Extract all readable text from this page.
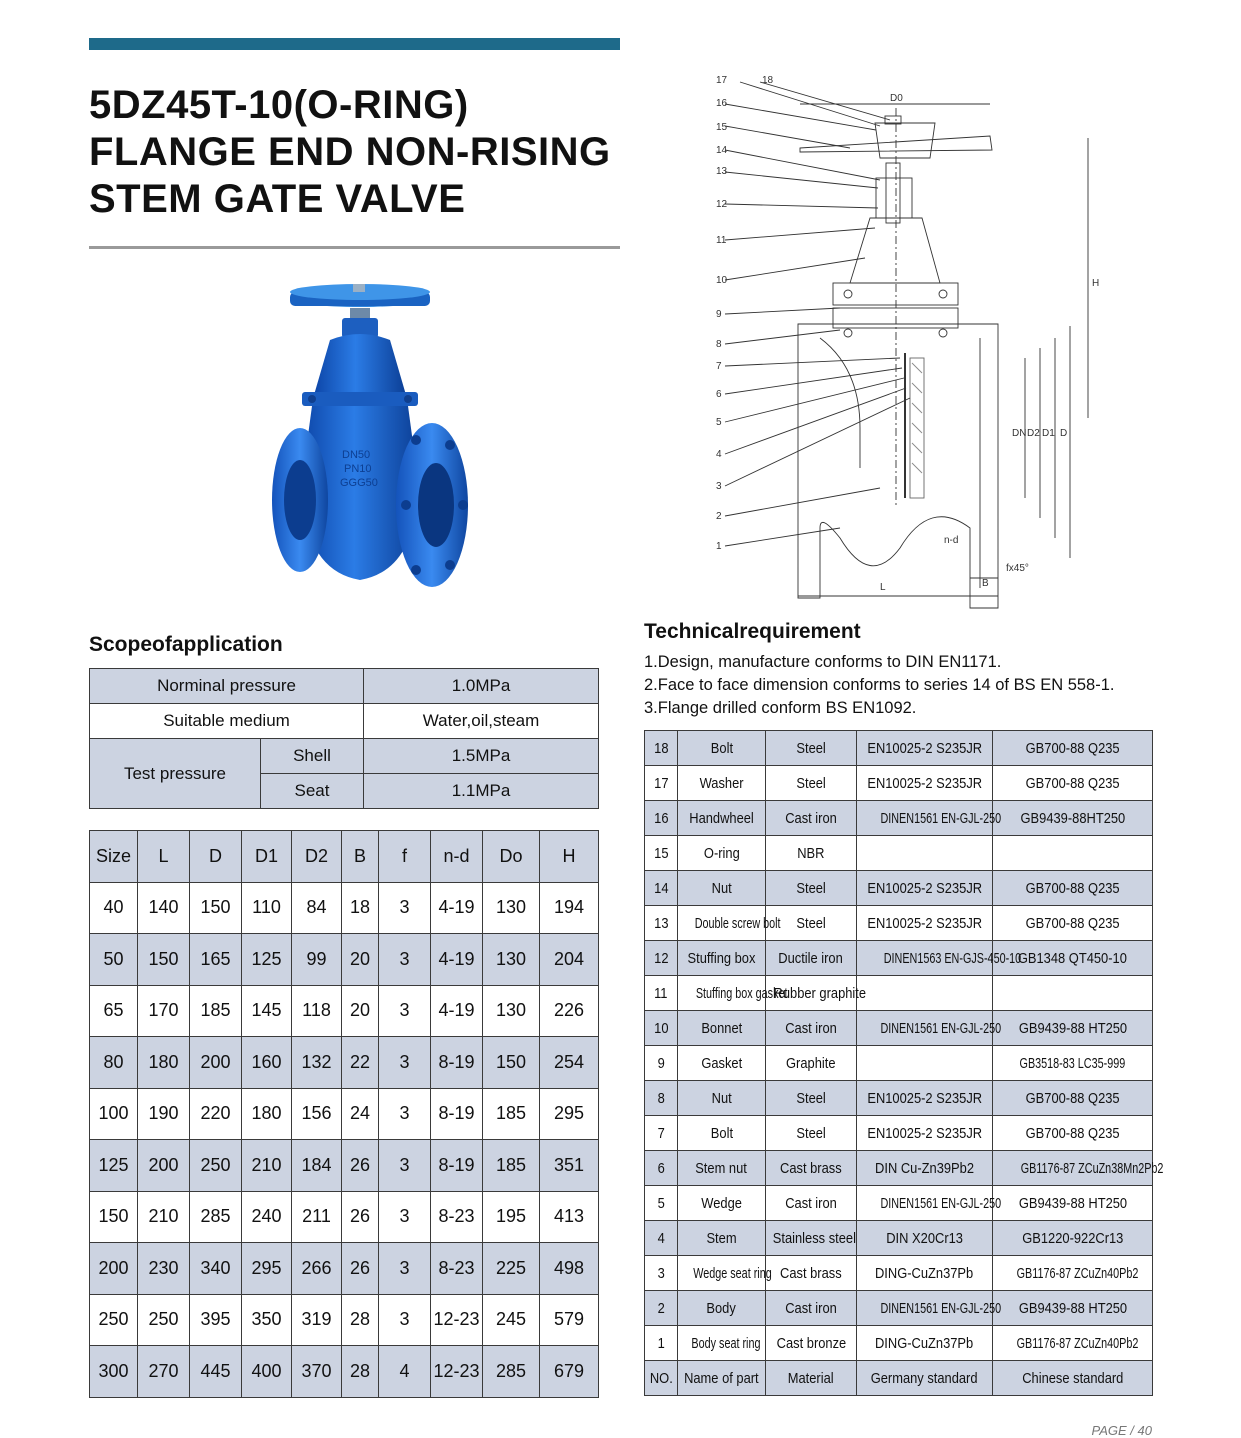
5DZ45T-10(O-RING)
FLANGE END NON-RISING
STEM GATE VALVE
DN50
PN10
GGG50
17	18
16
15
14
13
12
11
10
9
8
7
6
5
4
3
2
1
D0
H
DN D2 D1 D
n-d
fx45°
B
L
Scopeofapplication
Norminal pressure		1.0MPa
Suitable medium		Water,oil,steam
Test pressure	Shell	1.5MPa
	Seat	1.1MPa
Size	L	D	D1	D2	B	f	n-d	Do	H
40	140	150	110	84	18	3	4-19	130	194
50	150	165	125	99	20	3	4-19	130	204
65	170	185	145	118	20	3	4-19	130	226
80	180	200	160	132	22	3	8-19	150	254
100	190	220	180	156	24	3	8-19	185	295
125	200	250	210	184	26	3	8-19	185	351
150	210	285	240	211	26	3	8-23	195	413
200	230	340	295	266	26	3	8-23	225	498
250	250	395	350	319	28	3	12-23	245	579
300	270	445	400	370	28	4	12-23	285	679
Technicalrequirement
1.Design, manufacture conforms to DIN EN1171.
2.Face to face dimension conforms to series 14 of BS EN 558-1.
3.Flange drilled conform BS EN1092.
18	Bolt	Steel	EN10025-2 S235JR	GB700-88 Q235
17	Washer	Steel	EN10025-2 S235JR	GB700-88 Q235
16	Handwheel	Cast iron	DINEN1561 EN-GJL-250	GB9439-88HT250
15	O-ring	NBR		
14	Nut	Steel	EN10025-2 S235JR	GB700-88 Q235
13	Double screw bolt	Steel	EN10025-2 S235JR	GB700-88 Q235
12	Stuffing box	Ductile iron	DINEN1563 EN-GJS-450-10	GB1348 QT450-10
11	Stuffing box gasket	Rubber graphite		
10	Bonnet	Cast iron	DINEN1561 EN-GJL-250	GB9439-88 HT250
9	Gasket	Graphite		GB3518-83 LC35-999
8	Nut	Steel	EN10025-2 S235JR	GB700-88 Q235
7	Bolt	Steel	EN10025-2 S235JR	GB700-88 Q235
6	Stem nut	Cast brass	DIN Cu-Zn39Pb2	GB1176-87 ZCuZn38Mn2Pb2
5	Wedge	Cast iron	DINEN1561 EN-GJL-250	GB9439-88 HT250
4	Stem	Stainless steel	DIN X20Cr13	GB1220-922Cr13
3	Wedge seat ring	Cast brass	DING-CuZn37Pb	GB1176-87 ZCuZn40Pb2
2	Body	Cast iron	DINEN1561 EN-GJL-250	GB9439-88 HT250
1	Body seat ring	Cast bronze	DING-CuZn37Pb	GB1176-87 ZCuZn40Pb2
NO.	Name of part	Material	Germany standard	Chinese standard
PAGE / 40
